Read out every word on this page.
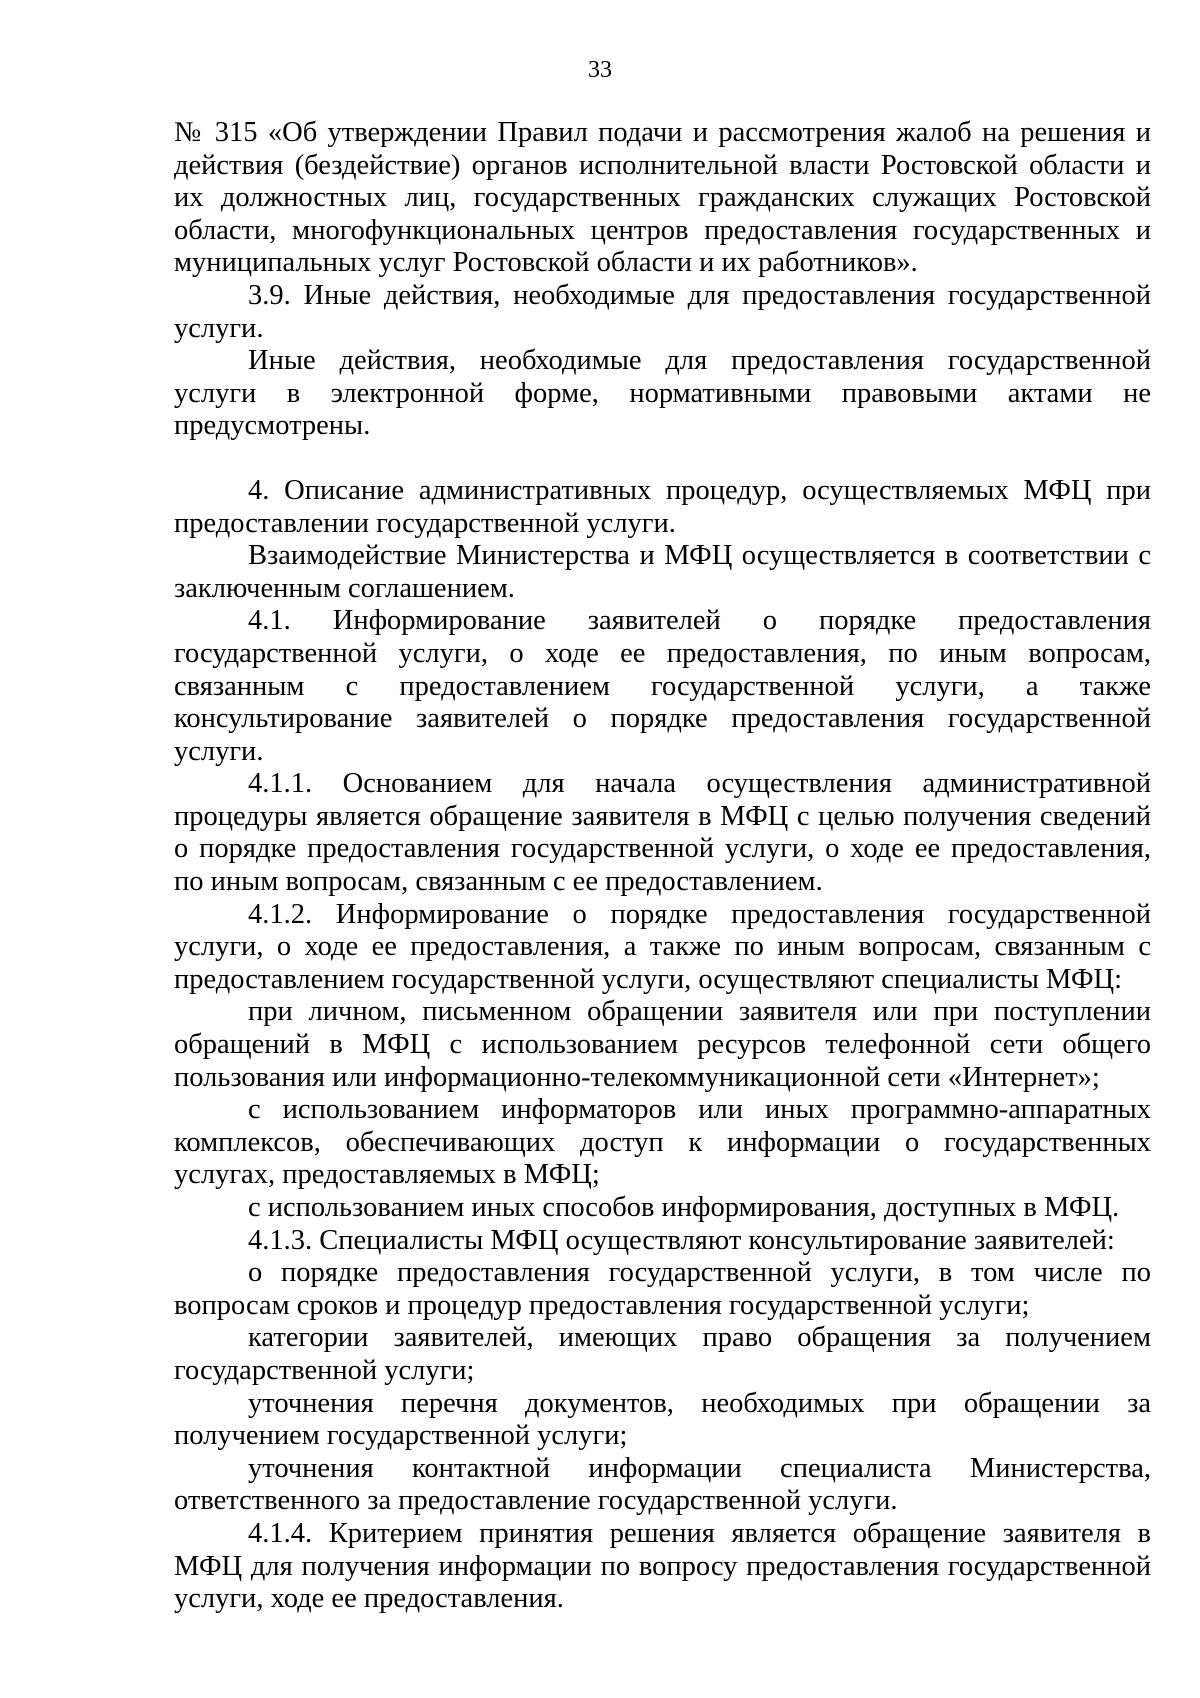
33

№ 315 «Об утверждении Правил подачи и рассмотрения жалоб на решения и действия (бездействие) органов исполнительной власти Ростовской области и их должностных лиц, государственных гражданских служащих Ростовской области, многофункциональных центров предоставления государственных и муниципальных услуг Ростовской области и их работников».

3.9. Иные действия, необходимые для предоставления государственной услуги.

Иные действия, необходимые для предоставления государственной услуги в электронной форме, нормативными правовыми актами не предусмотрены.

4. Описание административных процедур, осуществляемых МФЦ при предоставлении государственной услуги.

Взаимодействие Министерства и МФЦ осуществляется в соответствии с заключенным соглашением.

4.1. Информирование заявителей о порядке предоставления государственной услуги, о ходе ее предоставления, по иным вопросам, связанным с предоставлением государственной услуги, а также консультирование заявителей о порядке предоставления государственной услуги.

4.1.1. Основанием для начала осуществления административной процедуры является обращение заявителя в МФЦ с целью получения сведений о порядке предоставления государственной услуги, о ходе ее предоставления, по иным вопросам, связанным с ее предоставлением.

4.1.2. Информирование о порядке предоставления государственной услуги, о ходе ее предоставления, а также по иным вопросам, связанным с предоставлением государственной услуги, осуществляют специалисты МФЦ:

при личном, письменном обращении заявителя или при поступлении обращений в МФЦ с использованием ресурсов телефонной сети общего пользования или информационно-телекоммуникационной сети «Интернет»;

с использованием информаторов или иных программно-аппаратных комплексов, обеспечивающих доступ к информации о государственных услугах, предоставляемых в МФЦ;

с использованием иных способов информирования, доступных в МФЦ.

4.1.3. Специалисты МФЦ осуществляют консультирование заявителей:

о порядке предоставления государственной услуги, в том числе по вопросам сроков и процедур предоставления государственной услуги;

категории заявителей, имеющих право обращения за получением государственной услуги;

уточнения перечня документов, необходимых при обращении за получением государственной услуги;

уточнения контактной информации специалиста Министерства, ответственного за предоставление государственной услуги.

4.1.4. Критерием принятия решения является обращение заявителя в МФЦ для получения информации по вопросу предоставления государственной услуги, ходе ее предоставления.
